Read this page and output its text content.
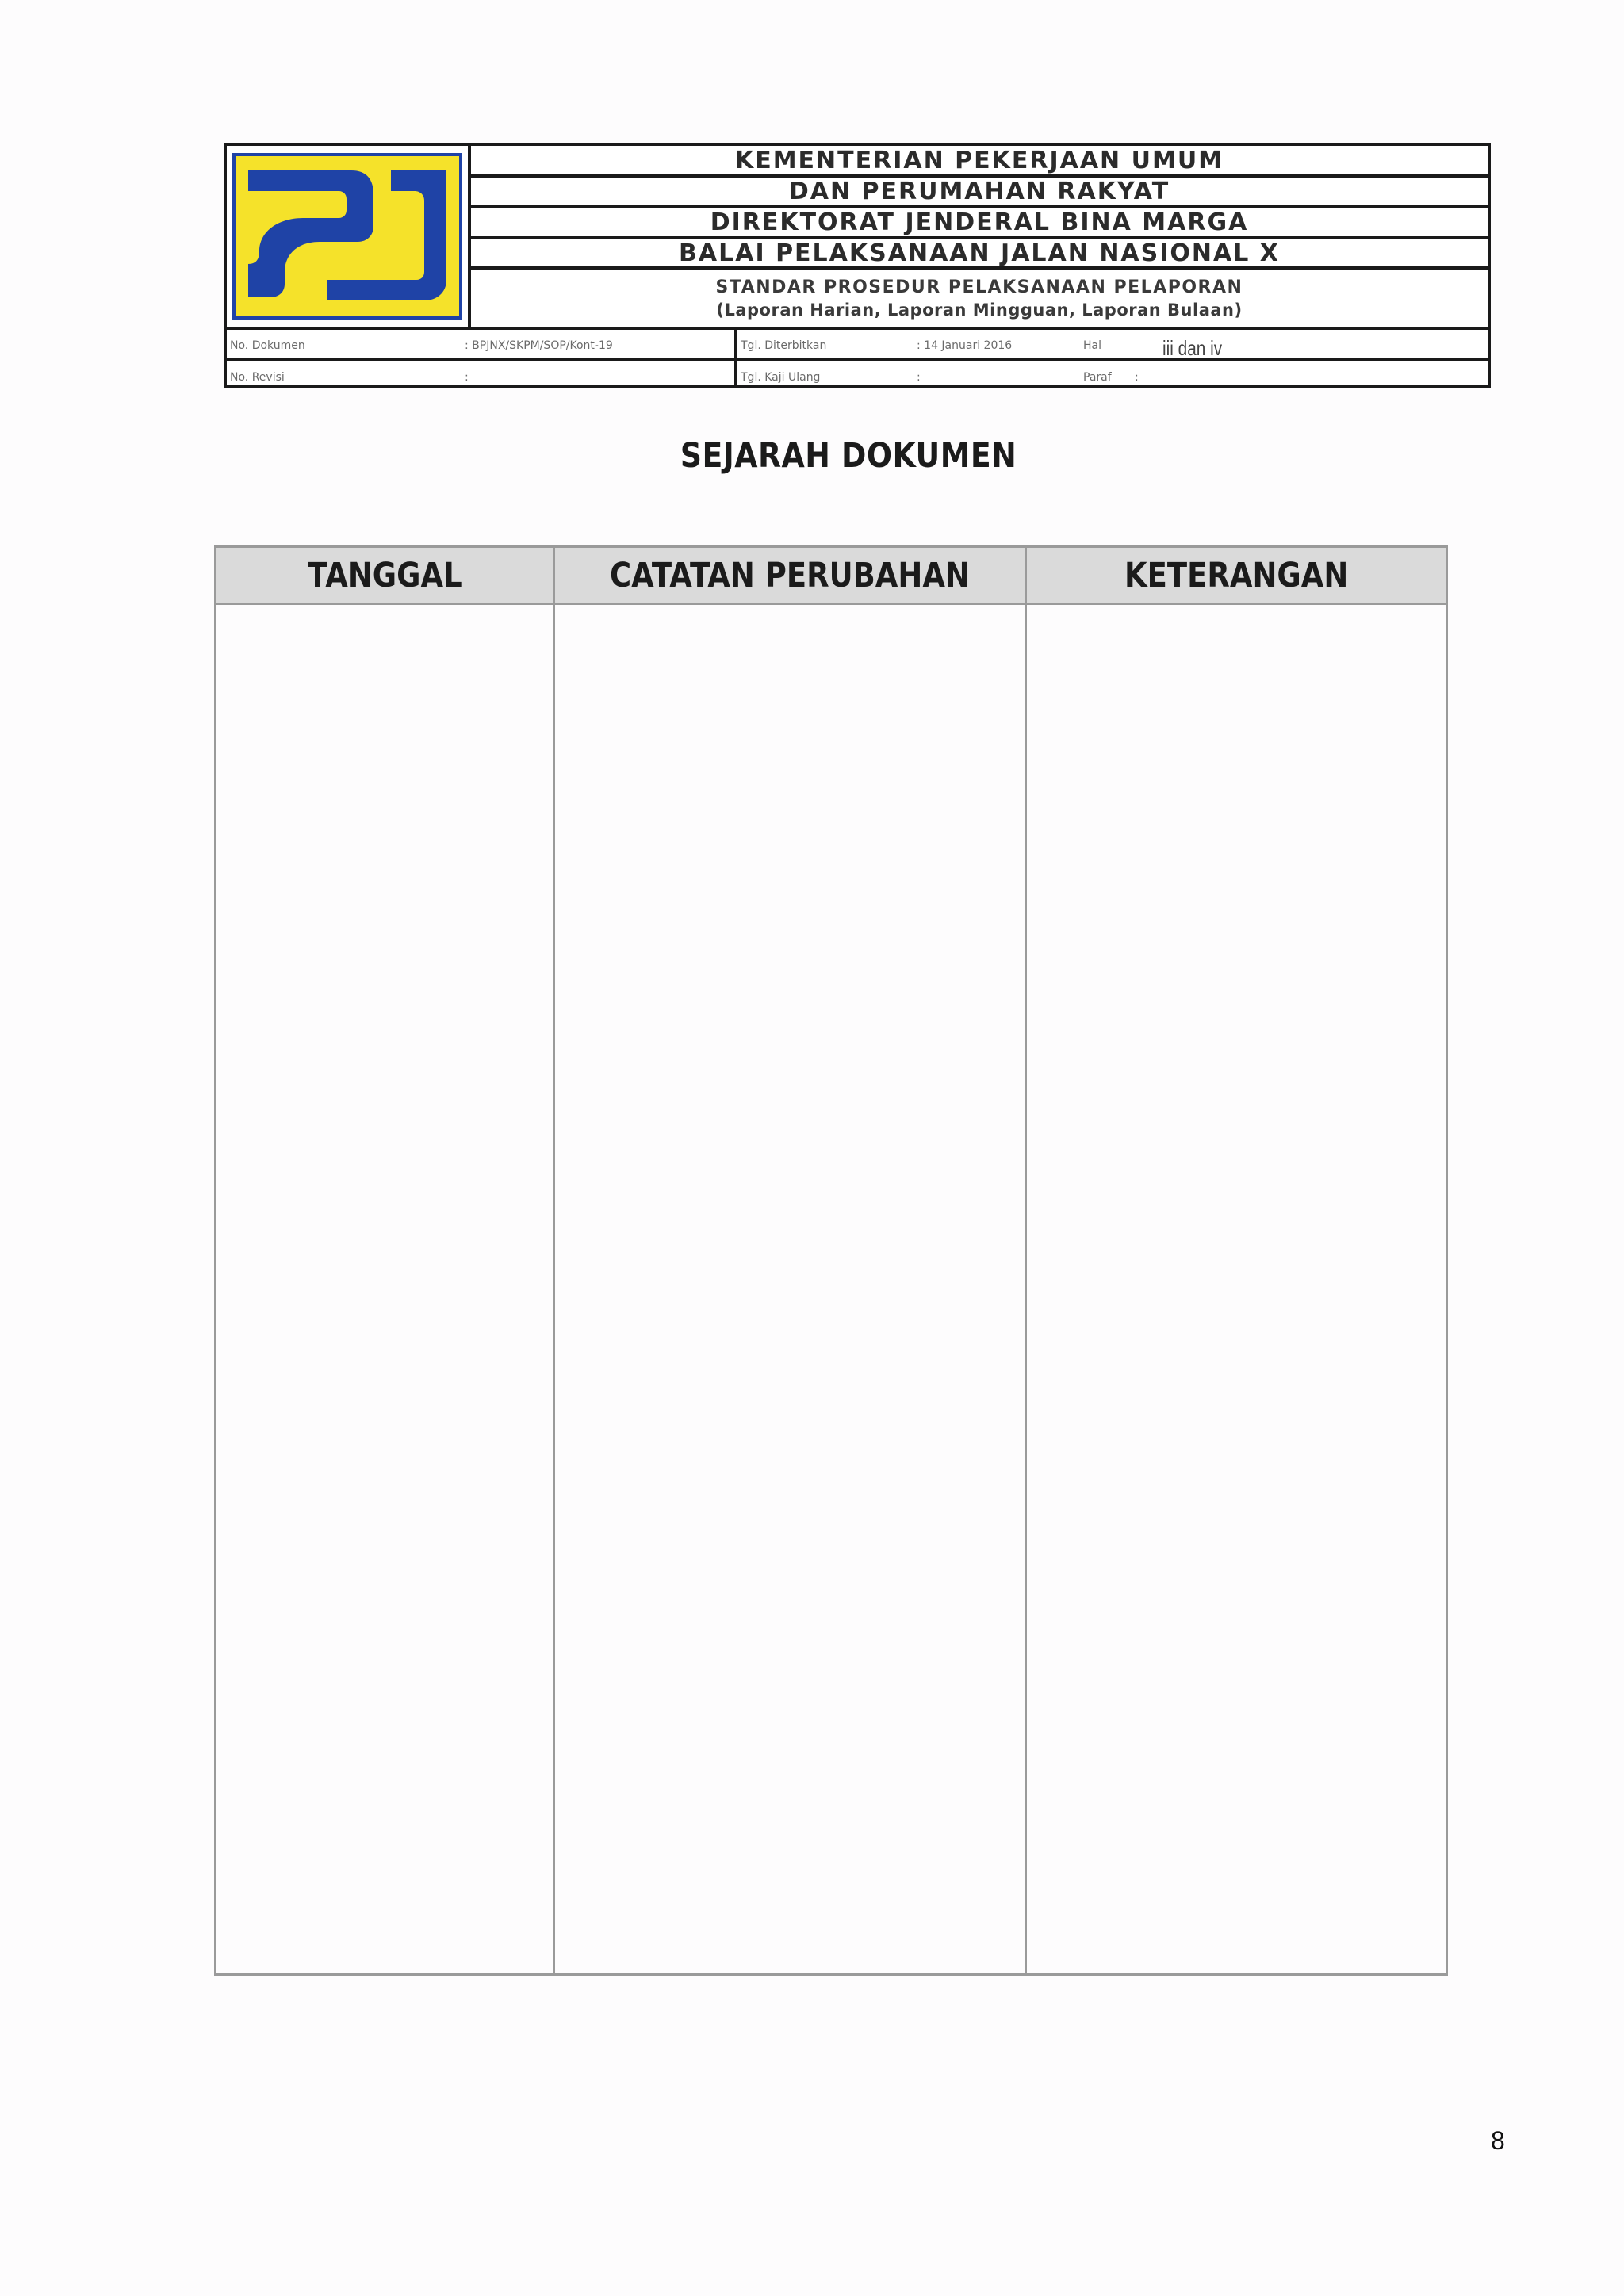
KEMENTERIAN PEKERJAAN UMUM
DAN PERUMAHAN RAKYAT
DIREKTORAT JENDERAL BINA MARGA
BALAI PELAKSANAAN JALAN NASIONAL X
STANDAR PROSEDUR PELAKSANAAN PELAPORAN
(Laporan Harian, Laporan Mingguan, Laporan Bulaan)
No. Dokumen	: BPJNX/SKPM/SOP/Kont-19	Tgl. Diterbitkan	: 14 Januari 2016	Hal	iii dan iv
No. Revisi	:	Tgl. Kaji Ulang	:	Paraf :
SEJARAH DOKUMEN
TANGGAL	CATATAN PERUBAHAN	KETERANGAN
8
